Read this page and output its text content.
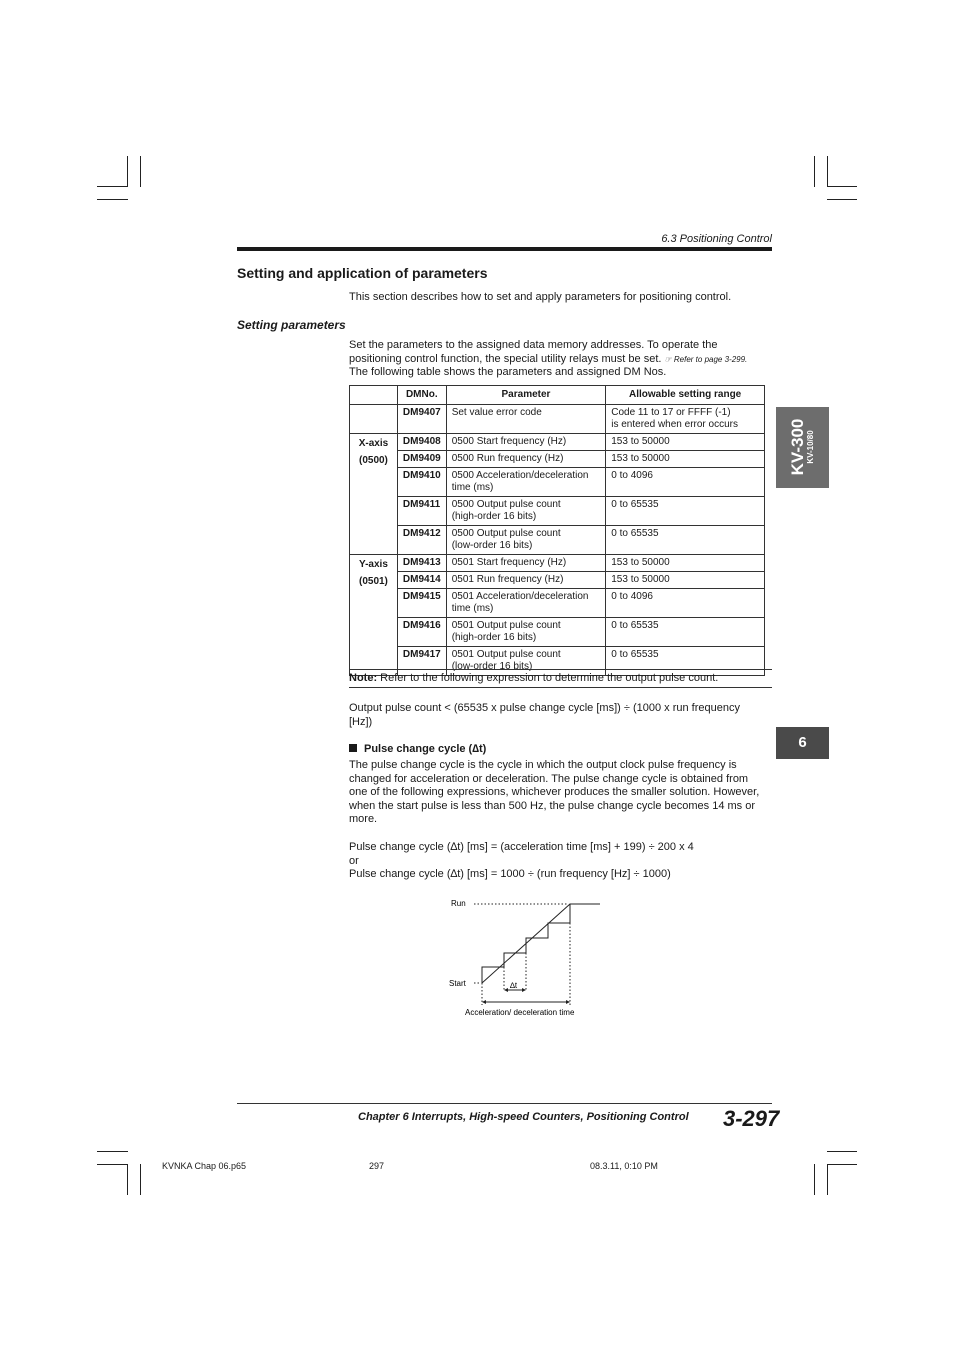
6.3 Positioning Control
Setting and application of parameters
This section describes how to set and apply parameters for positioning control.
Setting parameters
Set the parameters to the assigned data memory addresses. To operate the
positioning control function, the special utility relays must be set. ☞ Refer to page 3-299.
The following table shows the parameters and assigned DM Nos.
	DMNo.	Parameter	Allowable setting range
	DM9407	Set value error code	Code 11 to 17 or FFFF (-1)
is entered when error occurs

X-axis
(0500)	DM9408	0500 Start frequency (Hz)	153 to 50000
	DM9409	0500 Run frequency (Hz)	153 to 50000
	DM9410	0500 Acceleration/deceleration
time (ms)	0 to 4096
	DM9411	0500 Output pulse count
(high-order 16 bits)	0 to 65535
	DM9412	0500 Output pulse count
(low-order 16 bits)	0 to 65535

Y-axis
(0501)	DM9413	0501 Start frequency (Hz)	153 to 50000
	DM9414	0501 Run frequency (Hz)	153 to 50000
	DM9415	0501 Acceleration/deceleration
time (ms)	0 to 4096
	DM9416	0501 Output pulse count
(high-order 16 bits)	0 to 65535
	DM9417	0501 Output pulse count
(low-order 16 bits)	0 to 65535
Note: Refer to the following expression to determine the output pulse count.
Output pulse count < (65535 x pulse change cycle [ms]) ÷ (1000 x run frequency
[Hz])
Pulse change cycle (∆t)
The pulse change cycle is the cycle in which the output clock pulse frequency is
changed for acceleration or deceleration. The pulse change cycle is obtained from
one of the following expressions, whichever produces the smaller solution. However,
when the start pulse is less than 500 Hz, the pulse change cycle becomes 14 ms or
more.
Pulse change cycle (∆t) [ms] = (acceleration time [ms] + 199) ÷ 200 x 4
or
Pulse change cycle (∆t) [ms] = 1000 ÷ (run frequency [Hz] ÷ 1000)
Run
Start	∆t
Acceleration/ deceleration time
KV-300 KV-10/80
6
Chapter 6 Interrupts, High-speed Counters, Positioning Control 3-297
KVNKA Chap 06.p65	297	08.3.11, 0:10 PM
